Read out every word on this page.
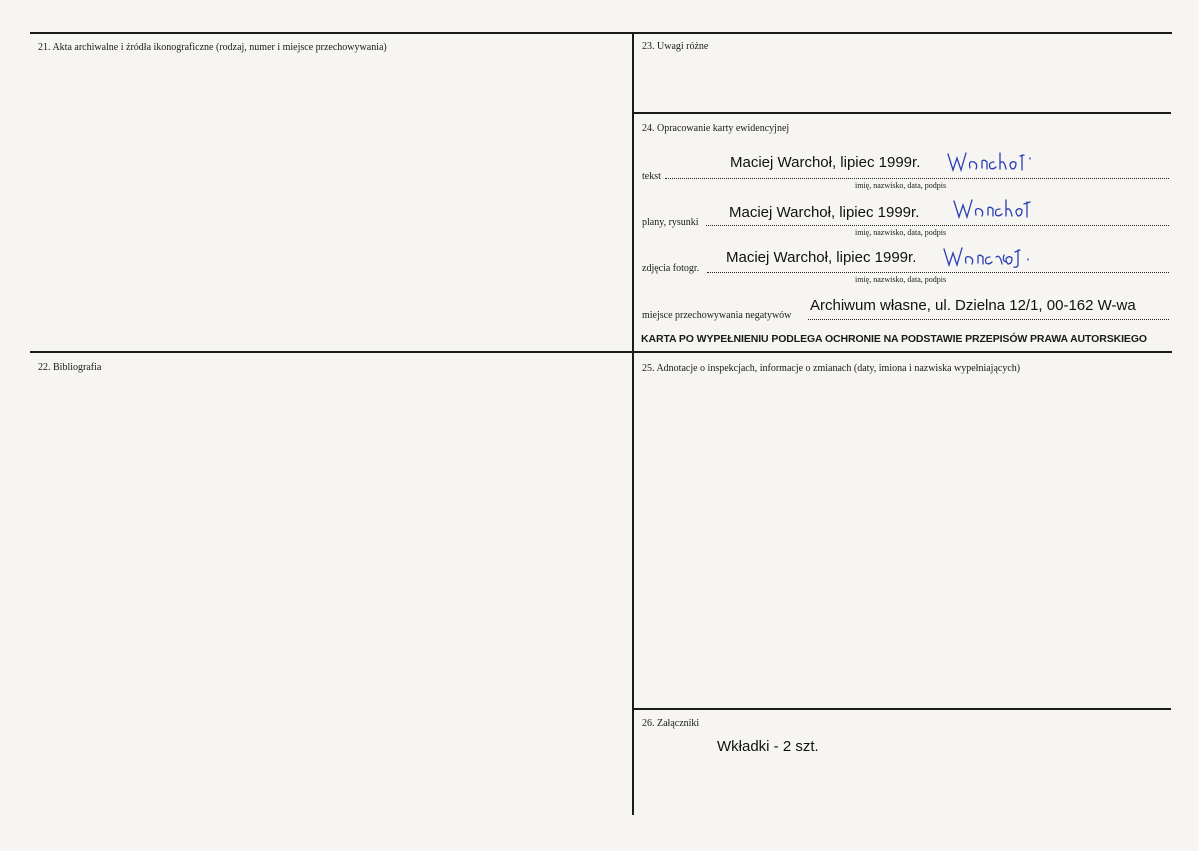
21. Akta archiwalne i źródła ikonograficzne (rodzaj, numer i miejsce przechowywania)
22. Bibliografia
23. Uwagi różne
24. Opracowanie karty ewidencyjnej
tekst
Maciej Warchoł, lipiec 1999r.
imię, nazwisko, data, podpis
plany, rysunki
Maciej Warchoł, lipiec 1999r.
imię, nazwisko, data, podpis
zdjęcia fotogr.
Maciej Warchoł, lipiec 1999r.
imię, nazwisko, data, podpis
miejsce przechowywania negatywów
Archiwum własne, ul. Dzielna 12/1, 00-162 W-wa
KARTA PO WYPEŁNIENIU PODLEGA OCHRONIE NA PODSTAWIE PRZEPISÓW PRAWA AUTORSKIEGO
25. Adnotacje o inspekcjach, informacje o zmianach (daty, imiona i nazwiska wypełniających)
26. Załączniki
Wkładki - 2 szt.
